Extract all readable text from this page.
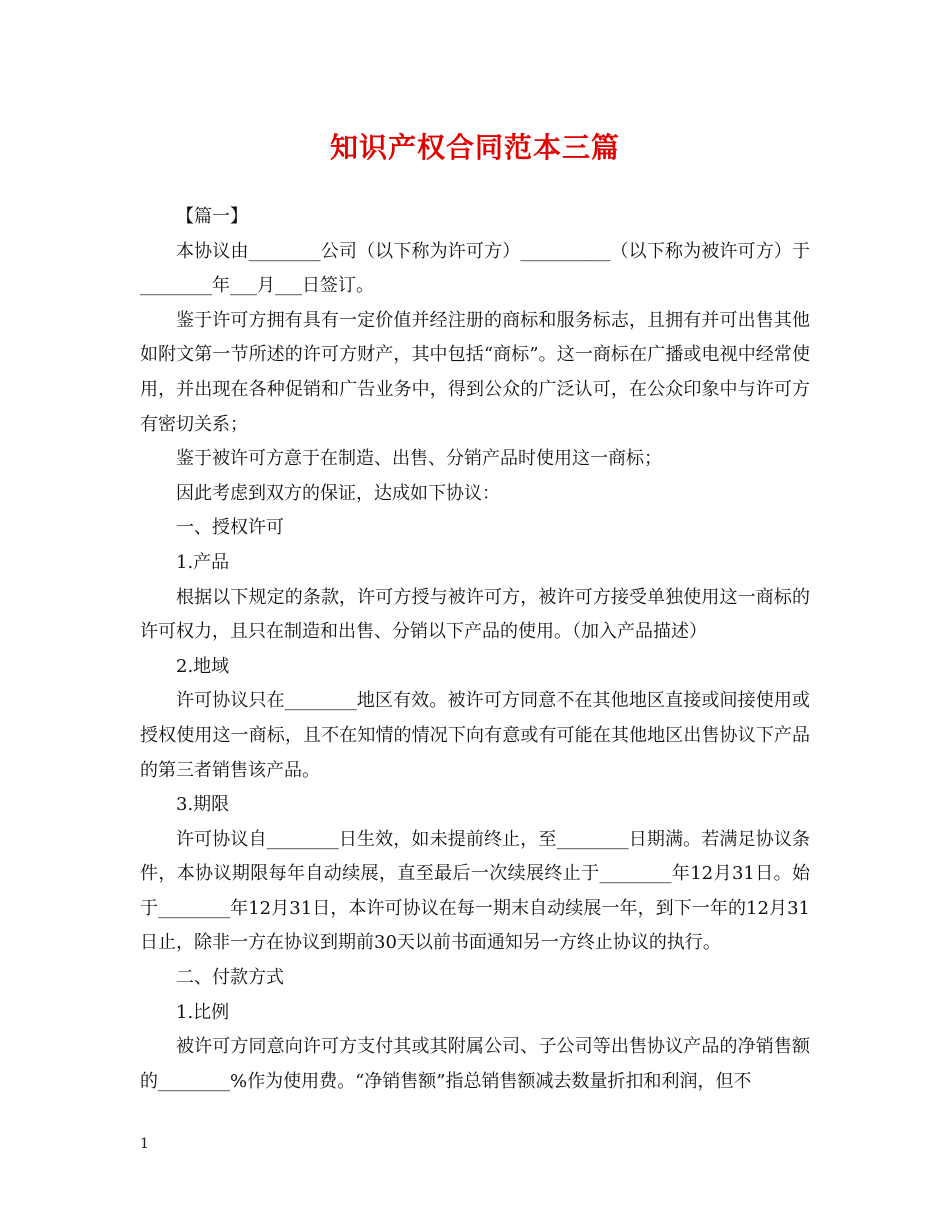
知识产权合同范本三篇

【篇一】

本协议由________公司（以下称为许可方）__________（以下称为被许可方）于________年___月___日签订。

鉴于许可方拥有具有一定价值并经注册的商标和服务标志，且拥有并可出售其他如附文第一节所述的许可方财产，其中包括“商标”。这一商标在广播或电视中经常使用，并出现在各种促销和广告业务中，得到公众的广泛认可，在公众印象中与许可方有密切关系；

鉴于被许可方意于在制造、出售、分销产品时使用这一商标；

因此考虑到双方的保证，达成如下协议：

一、授权许可

1.产品

根据以下规定的条款，许可方授与被许可方，被许可方接受单独使用这一商标的许可权力，且只在制造和出售、分销以下产品的使用。（加入产品描述）

2.地域

许可协议只在________地区有效。被许可方同意不在其他地区直接或间接使用或授权使用这一商标，且不在知情的情况下向有意或有可能在其他地区出售协议下产品的第三者销售该产品。

3.期限

许可协议自________日生效，如未提前终止，至________日期满。若满足协议条件，本协议期限每年自动续展，直至最后一次续展终止于________年12月31日。始于________年12月31日，本许可协议在每一期末自动续展一年，到下一年的12月31日止，除非一方在协议到期前30天以前书面通知另一方终止协议的执行。

二、付款方式

1.比例

被许可方同意向许可方支付其或其附属公司、子公司等出售协议产品的净销售额的________%作为使用费。“净销售额”指总销售额减去数量折扣和利润，但不

1
